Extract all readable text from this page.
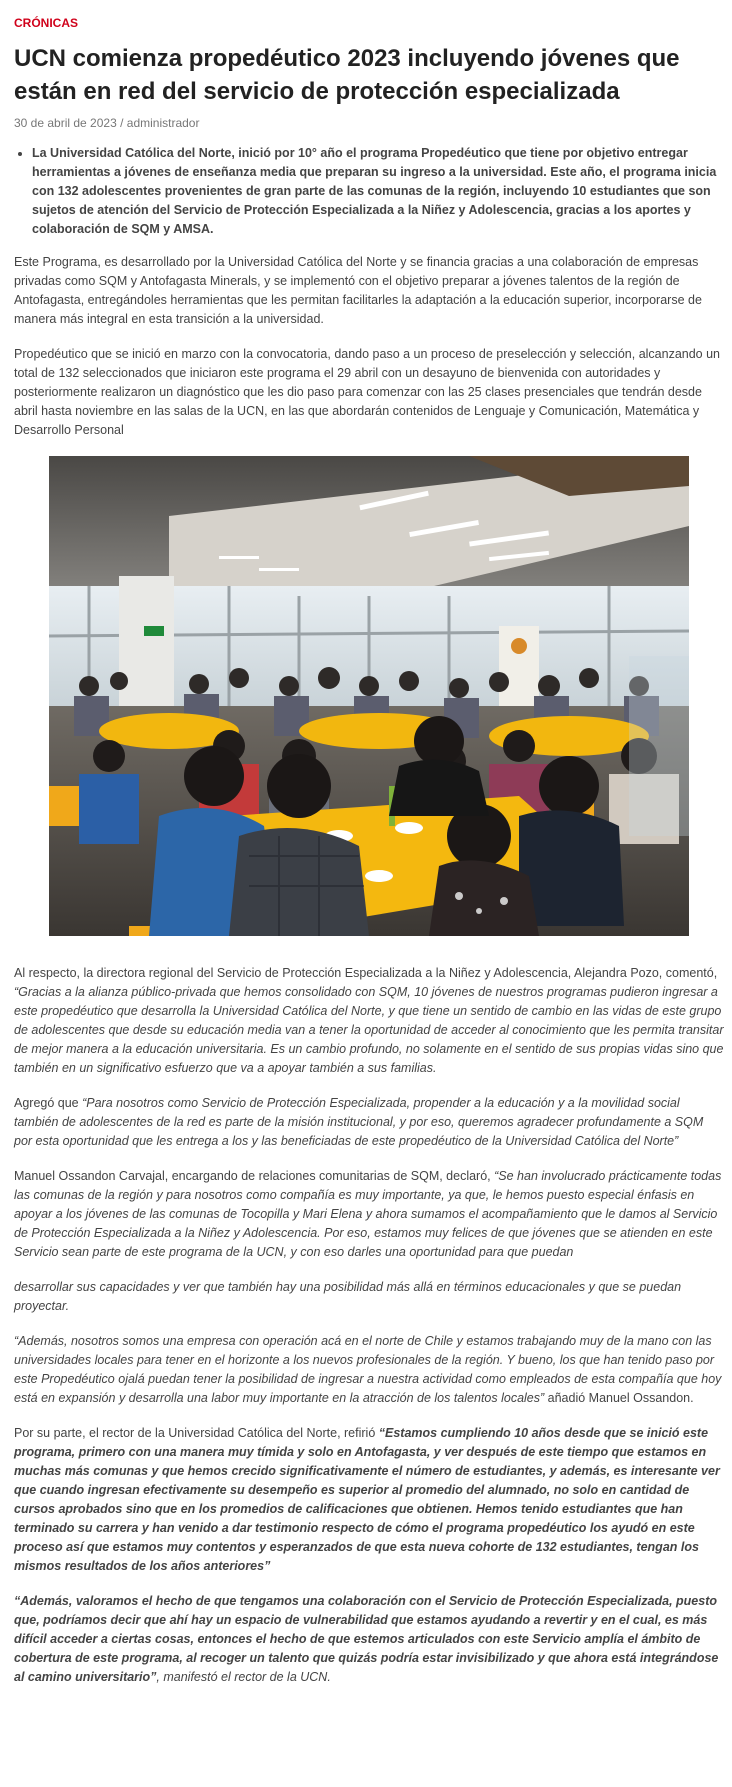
CRÓNICAS
UCN comienza propedéutico 2023 incluyendo jóvenes que están en red del servicio de protección especializada
30 de abril de 2023 / administrador
• La Universidad Católica del Norte, inició por 10° año el programa Propedéutico que tiene por objetivo entregar herramientas a jóvenes de enseñanza media que preparan su ingreso a la universidad. Este año, el programa inicia con 132 adolescentes provenientes de gran parte de las comunas de la región, incluyendo 10 estudiantes que son sujetos de atención del Servicio de Protección Especializada a la Niñez y Adolescencia, gracias a los aportes y colaboración de SQM y AMSA.

Este Programa, es desarrollado por la Universidad Católica del Norte y se financia gracias a una colaboración de empresas privadas como SQM y Antofagasta Minerals, y se implementó con el objetivo preparar a jóvenes talentos de la región de Antofagasta, entregándoles herramientas que les permitan facilitarles la adaptación a la educación superior, incorporarse de manera más integral en esta transición a la universidad.

Propedéutico que se inició en marzo con la convocatoria, dando paso a un proceso de preselección y selección, alcanzando un total de 132 seleccionados que iniciaron este programa el 29 abril con un desayuno de bienvenida con autoridades y posteriormente realizaron un diagnóstico que les dio paso para comenzar con las 25 clases presenciales que tendrán desde abril hasta noviembre en las salas de la UCN, en las que abordarán contenidos de Lenguaje y Comunicación, Matemática y Desarrollo Personal

Al respecto, la directora regional del Servicio de Protección Especializada a la Niñez y Adolescencia, Alejandra Pozo, comentó, “Gracias a la alianza público-privada que hemos consolidado con SQM, 10 jóvenes de nuestros programas pudieron ingresar a este propedéutico que desarrolla la Universidad Católica del Norte, y que tiene un sentido de cambio en las vidas de este grupo de adolescentes que desde su educación media van a tener la oportunidad de acceder al conocimiento que les permita transitar de mejor manera a la educación universitaria. Es un cambio profundo, no solamente en el sentido de sus propias vidas sino que también en un significativo esfuerzo que va a apoyar también a sus familias.

Agregó que “Para nosotros como Servicio de Protección Especializada, propender a la educación y a la movilidad social también de adolescentes de la red es parte de la misión institucional, y por eso, queremos agradecer profundamente a SQM por esta oportunidad que les entrega a los y las beneficiadas de este propedéutico de la Universidad Católica del Norte”

Manuel Ossandon Carvajal, encargando de relaciones comunitarias de SQM, declaró, “Se han involucrado prácticamente todas las comunas de la región y para nosotros como compañía es muy importante, ya que, le hemos puesto especial énfasis en apoyar a los jóvenes de las comunas de Tocopilla y Mari Elena y ahora sumamos el acompañamiento que le damos al Servicio de Protección Especializada a la Niñez y Adolescencia. Por eso, estamos muy felices de que jóvenes que se atienden en este Servicio sean parte de este programa de la UCN, y con eso darles una oportunidad para que puedan

desarrollar sus capacidades y ver que también hay una posibilidad más allá en términos educacionales y que se puedan proyectar.

“Además, nosotros somos una empresa con operación acá en el norte de Chile y estamos trabajando muy de la mano con las universidades locales para tener en el horizonte a los nuevos profesionales de la región. Y bueno, los que han tenido paso por este Propedéutico ojalá puedan tener la posibilidad de ingresar a nuestra actividad como empleados de esta compañía que hoy está en expansión y desarrolla una labor muy importante en la atracción de los talentos locales” añadió Manuel Ossandon.

Por su parte, el rector de la Universidad Católica del Norte, refirió “Estamos cumpliendo 10 años desde que se inició este programa, primero con una manera muy tímida y solo en Antofagasta, y ver después de este tiempo que estamos en muchas más comunas y que hemos crecido significativamente el número de estudiantes, y además, es interesante ver que cuando ingresan efectivamente su desempeño es superior al promedio del alumnado, no solo en cantidad de cursos aprobados sino que en los promedios de calificaciones que obtienen. Hemos tenido estudiantes que han terminado su carrera y han venido a dar testimonio respecto de cómo el programa propedéutico los ayudó en este proceso así que estamos muy contentos y esperanzados de que esta nueva cohorte de 132 estudiantes, tengan los mismos resultados de los años anteriores”

“Además, valoramos el hecho de que tengamos una colaboración con el Servicio de Protección Especializada, puesto que, podríamos decir que ahí hay un espacio de vulnerabilidad que estamos ayudando a revertir y en el cual, es más difícil acceder a ciertas cosas, entonces el hecho de que estemos articulados con este Servicio amplía el ámbito de cobertura de este programa, al recoger un talento que quizás podría estar invisibilizado y que ahora está integrándose al camino universitario”, manifestó el rector de la UCN.
